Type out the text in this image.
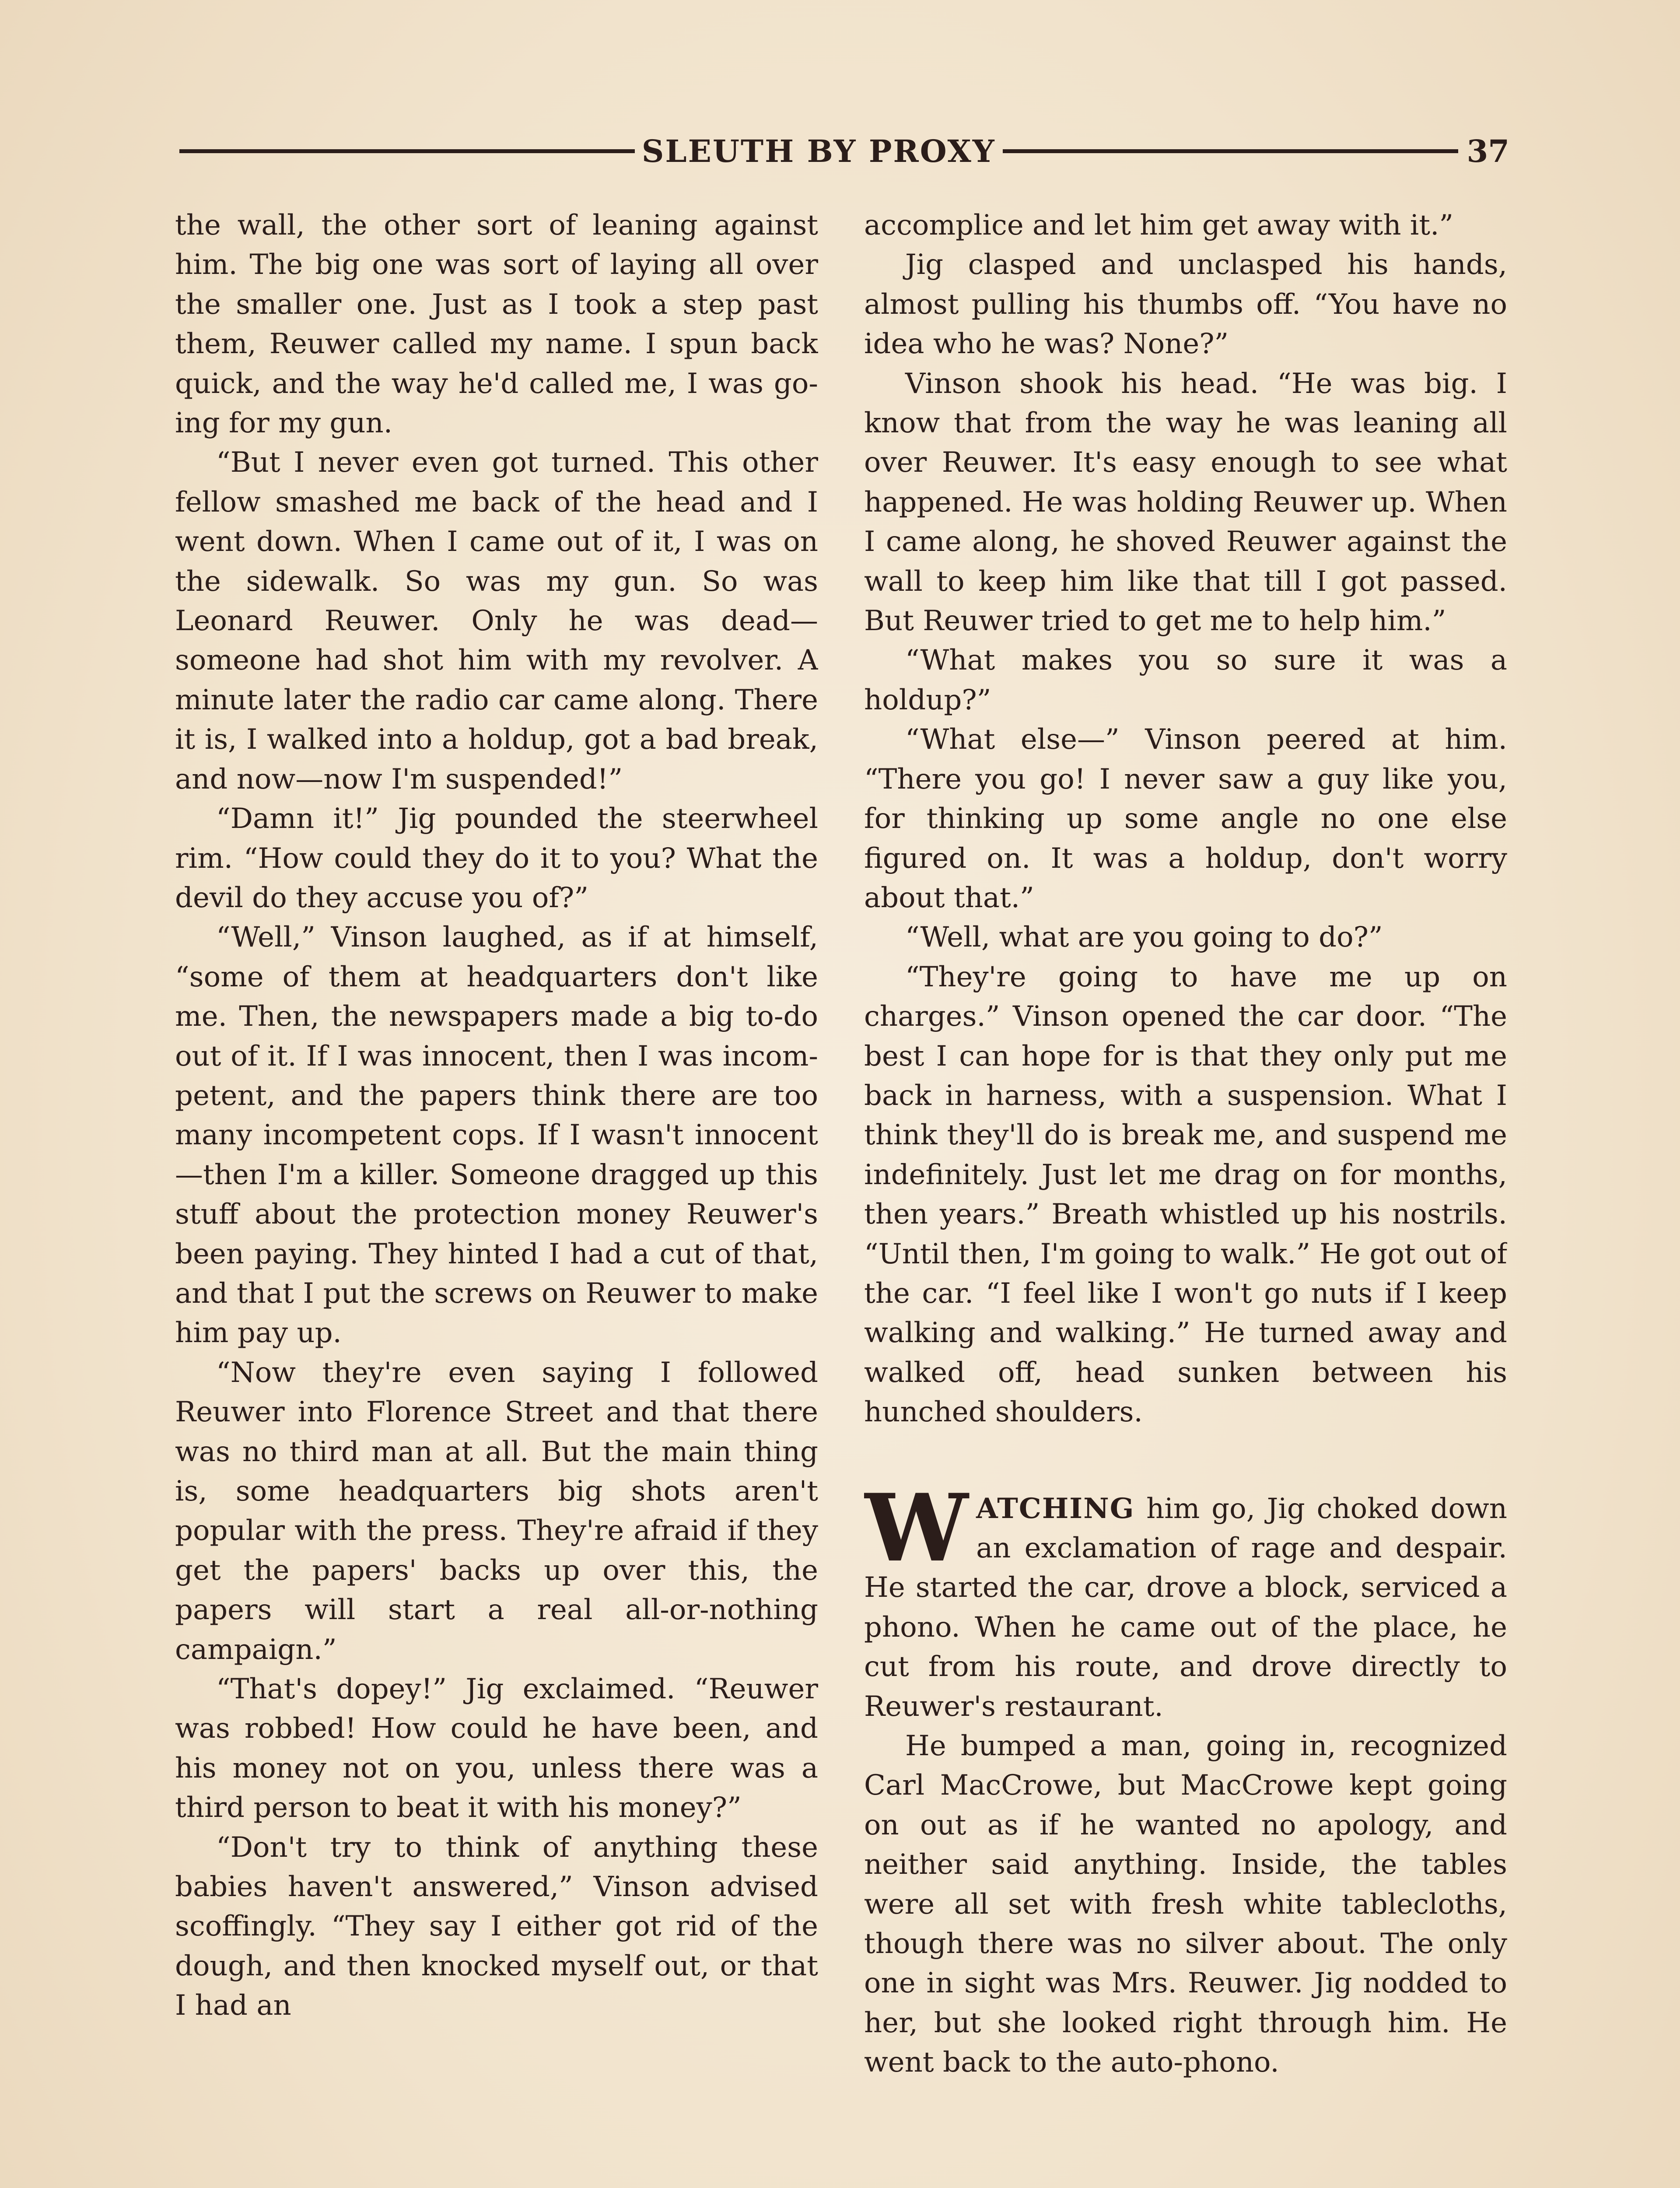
SLEUTH BY PROXY	37

the wall, the other sort of leaning against him. The big one was sort of laying all over the smaller one. Just as I took a step past them, Reuwer called my name. I spun back quick, and the way he'd called me, I was going for my gun.

“But I never even got turned. This other fellow smashed me back of the head and I went down. When I came out of it, I was on the sidewalk. So was my gun. So was Leonard Reuwer. Only he was dead—someone had shot him with my revolver. A minute later the radio car came along. There it is, I walked into a holdup, got a bad break, and now—now I'm suspended!”

“Damn it!” Jig pounded the steerwheel rim. “How could they do it to you? What the devil do they accuse you of?”

“Well,” Vinson laughed, as if at himself, “some of them at headquarters don't like me. Then, the newspapers made a big to-do out of it. If I was innocent, then I was incompetent, and the papers think there are too many incompetent cops. If I wasn't innocent—then I'm a killer. Someone dragged up this stuff about the protection money Reuwer's been paying. They hinted I had a cut of that, and that I put the screws on Reuwer to make him pay up.

“Now they're even saying I followed Reuwer into Florence Street and that there was no third man at all. But the main thing is, some headquarters big shots aren't popular with the press. They're afraid if they get the papers' backs up over this, the papers will start a real all-or-nothing campaign.”

“That's dopey!” Jig exclaimed. “Reuwer was robbed! How could he have been, and his money not on you, unless there was a third person to beat it with his money?”

“Don't try to think of anything these babies haven't answered,” Vinson advised scoffingly. “They say I either got rid of the dough, and then knocked myself out, or that I had an

accomplice and let him get away with it.”

Jig clasped and unclasped his hands, almost pulling his thumbs off. “You have no idea who he was? None?”

Vinson shook his head. “He was big. I know that from the way he was leaning all over Reuwer. It's easy enough to see what happened. He was holding Reuwer up. When I came along, he shoved Reuwer against the wall to keep him like that till I got passed. But Reuwer tried to get me to help him.”

“What makes you so sure it was a holdup?”

“What else—” Vinson peered at him. “There you go! I never saw a guy like you, for thinking up some angle no one else figured on. It was a holdup, don't worry about that.”

“Well, what are you going to do?”

“They're going to have me up on charges.” Vinson opened the car door. “The best I can hope for is that they only put me back in harness, with a suspension. What I think they'll do is break me, and suspend me indefinitely. Just let me drag on for months, then years.” Breath whistled up his nostrils. “Until then, I'm going to walk.” He got out of the car. “I feel like I won't go nuts if I keep walking and walking.” He turned away and walked off, head sunken between his hunched shoulders.

WATCHING him go, Jig choked down an exclamation of rage and despair. He started the car, drove a block, serviced a phono. When he came out of the place, he cut from his route, and drove directly to Reuwer's restaurant.

He bumped a man, going in, recognized Carl MacCrowe, but MacCrowe kept going on out as if he wanted no apology, and neither said anything. Inside, the tables were all set with fresh white tablecloths, though there was no silver about. The only one in sight was Mrs. Reuwer. Jig nodded to her, but she looked right through him. He went back to the auto-phono.
